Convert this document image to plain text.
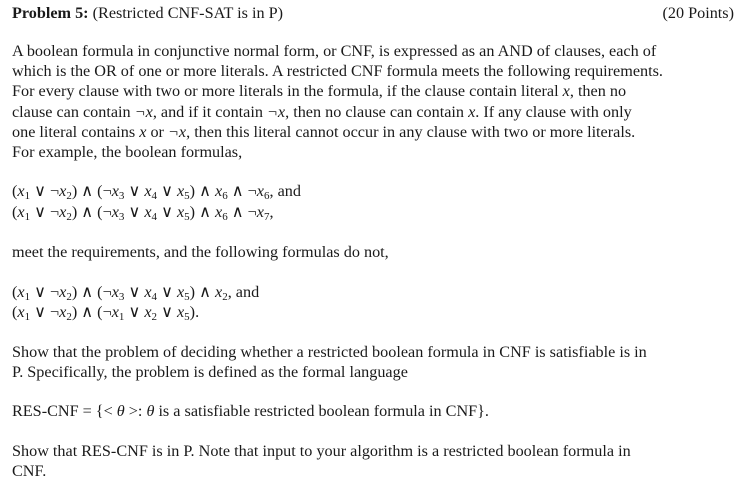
Problem 5: (Restricted CNF-SAT is in P)	(20 Points)
A boolean formula in conjunctive normal form, or CNF, is expressed as an AND of clauses, each of
which is the OR of one or more literals. A restricted CNF formula meets the following requirements.
For every clause with two or more literals in the formula, if the clause contain literal x, then no
clause can contain ¬x, and if it contain ¬x, then no clause can contain x. If any clause with only
one literal contains x or ¬x, then this literal cannot occur in any clause with two or more literals.
For example, the boolean formulas,
($x_1$ ∨ $\neg x_2$) ∧ ($\neg x_3$ ∨ $x_4$ ∨ $x_5$) ∧ $x_6$ ∧ $\neg x_6$, and
($x_1$ ∨ $\neg x_2$) ∧ ($\neg x_3$ ∨ $x_4$ ∨ $x_5$) ∧ $x_6$ ∧ $\neg x_7$,
meet the requirements, and the following formulas do not,
($x_1$ ∨ $\neg x_2$) ∧ ($\neg x_3$ ∨ $x_4$ ∨ $x_5$) ∧ $x_2$, and
($x_1$ ∨ $\neg x_2$) ∧ ($\neg x_1$ ∨ $x_2$ ∨ $x_5$).
Show that the problem of deciding whether a restricted boolean formula in CNF is satisfiable is in
P. Specifically, the problem is defined as the formal language
RES-CNF = {< θ >: θ is a satisfiable restricted boolean formula in CNF}.
Show that RES-CNF is in P. Note that input to your algorithm is a restricted boolean formula in
CNF.
